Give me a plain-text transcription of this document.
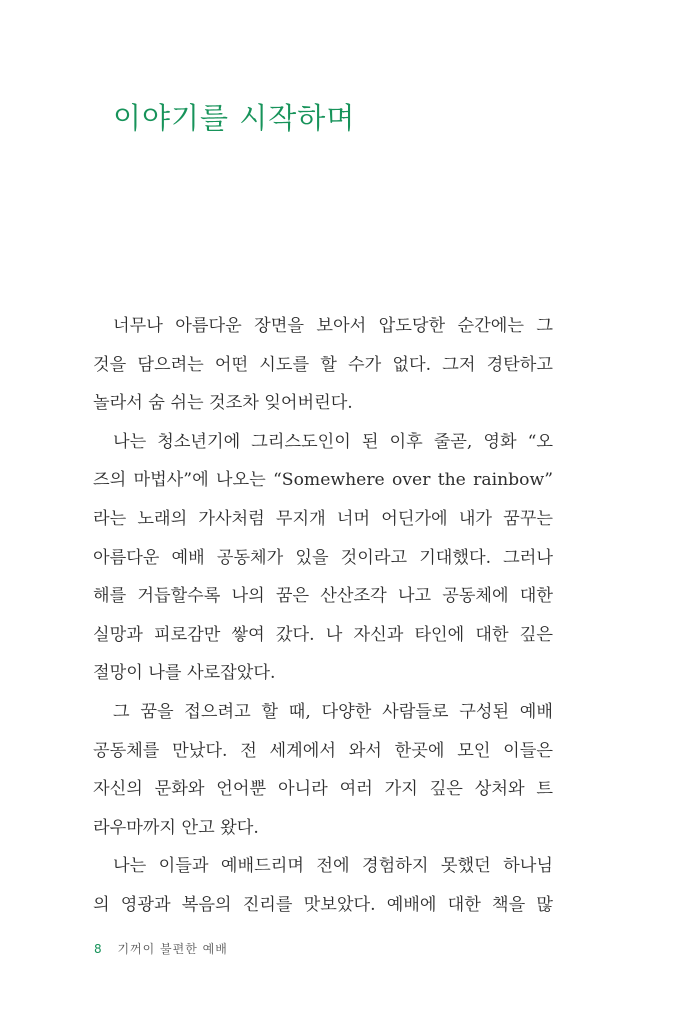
이야기를 시작하며
너무나 아름다운 장면을 보아서 압도당한 순간에는 그
것을 담으려는 어떤 시도를 할 수가 없다. 그저 경탄하고
놀라서 숨 쉬는 것조차 잊어버린다.
나는 청소년기에 그리스도인이 된 이후 줄곧, 영화 “오
즈의 마법사”에 나오는 “Somewhere over the rainbow”
라는 노래의 가사처럼 무지개 너머 어딘가에 내가 꿈꾸는
아름다운 예배 공동체가 있을 것이라고 기대했다. 그러나
해를 거듭할수록 나의 꿈은 산산조각 나고 공동체에 대한
실망과 피로감만 쌓여 갔다. 나 자신과 타인에 대한 깊은
절망이 나를 사로잡았다.
그 꿈을 접으려고 할 때, 다양한 사람들로 구성된 예배
공동체를 만났다. 전 세계에서 와서 한곳에 모인 이들은
자신의 문화와 언어뿐 아니라 여러 가지 깊은 상처와 트
라우마까지 안고 왔다.
나는 이들과 예배드리며 전에 경험하지 못했던 하나님
의 영광과 복음의 진리를 맛보았다. 예배에 대한 책을 많
8 기꺼이 불편한 예배
